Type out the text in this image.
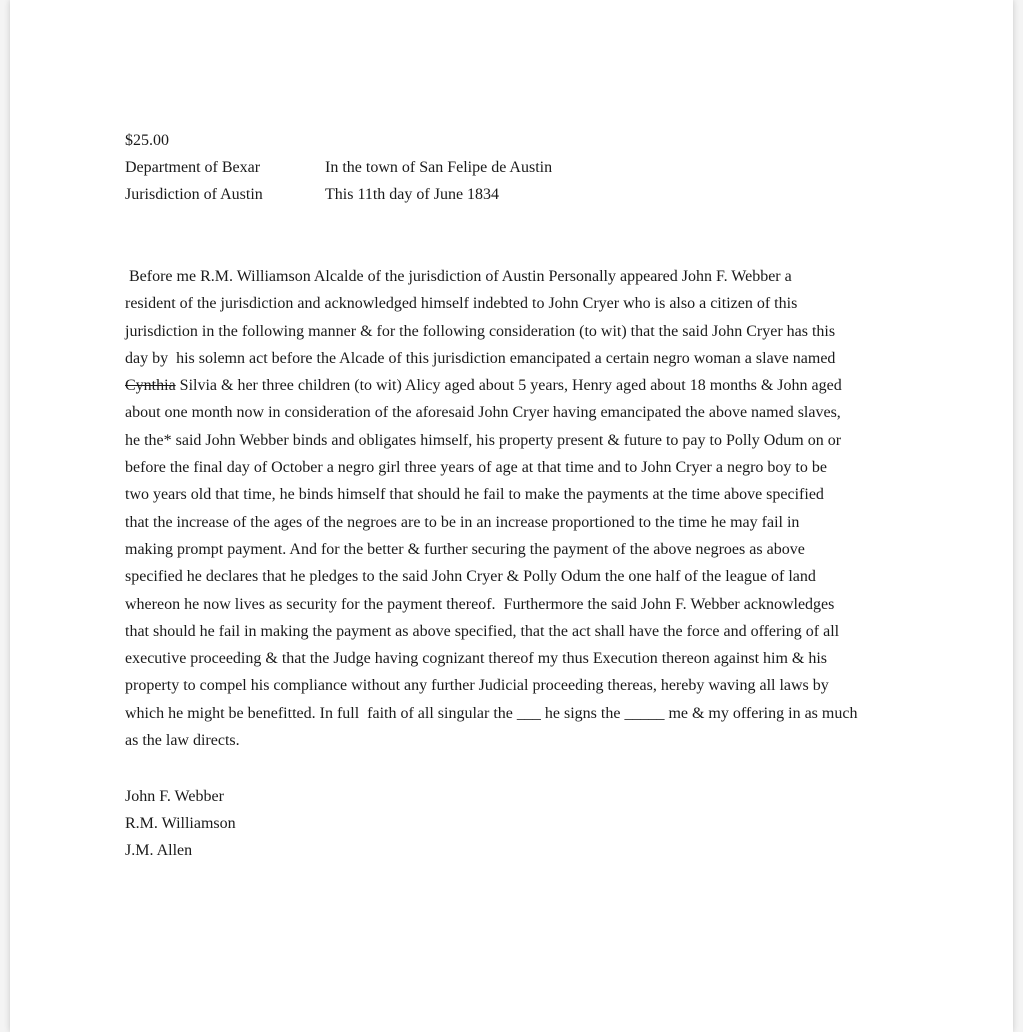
$25.00
Department of Bexar	In the town of San Felipe de Austin
Jurisdiction of Austin	This 11th day of June 1834
Before me R.M. Williamson Alcalde of the jurisdiction of Austin Personally appeared John F. Webber a
resident of the jurisdiction and acknowledged himself indebted to John Cryer who is also a citizen of this
jurisdiction in the following manner & for the following consideration (to wit) that the said John Cryer has this
day by  his solemn act before the Alcade of this jurisdiction emancipated a certain negro woman a slave named
Cynthia Silvia & her three children (to wit) Alicy aged about 5 years, Henry aged about 18 months & John aged
about one month now in consideration of the aforesaid John Cryer having emancipated the above named slaves,
he the* said John Webber binds and obligates himself, his property present & future to pay to Polly Odum on or
before the final day of October a negro girl three years of age at that time and to John Cryer a negro boy to be
two years old that time, he binds himself that should he fail to make the payments at the time above specified
that the increase of the ages of the negroes are to be in an increase proportioned to the time he may fail in
making prompt payment. And for the better & further securing the payment of the above negroes as above
specified he declares that he pledges to the said John Cryer & Polly Odum the one half of the league of land
whereon he now lives as security for the payment thereof.  Furthermore the said John F. Webber acknowledges
that should he fail in making the payment as above specified, that the act shall have the force and offering of all
executive proceeding & that the Judge having cognizant thereof my thus Execution thereon against him & his
property to compel his compliance without any further Judicial proceeding thereas, hereby waving all laws by
which he might be benefitted. In full  faith of all singular the ___ he signs the _____ me & my offering in as much
as the law directs.
John F. Webber
R.M. Williamson
J.M. Allen
